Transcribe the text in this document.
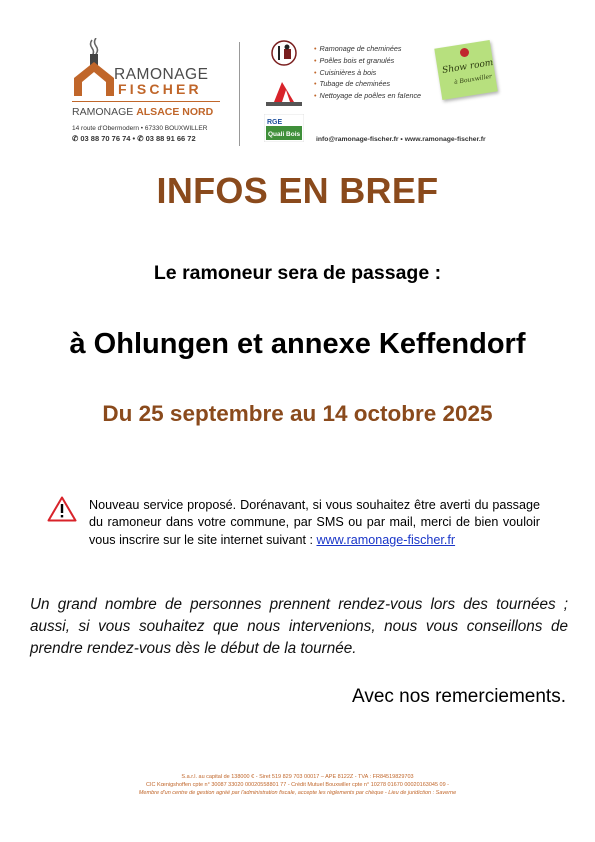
RAMONAGE
FISCHER
RAMONAGE ALSACE NORD
14 route d'Obermodern • 67330 BOUXWILLER
✆ 03 88 70 76 74 • ✆ 03 88 91 66 72
RGE
Quali Bois
• Ramonage de cheminées
• Poêles bois et granulés
• Cuisinières à bois
• Tubage de cheminées
• Nettoyage de poêles en faïence
info@ramonage-fischer.fr • www.ramonage-fischer.fr
Show room
à Bouxwiller
INFOS EN BREF
Le ramoneur sera de passage :
à Ohlungen et annexe Keffendorf
Du 25 septembre au 14 octobre 2025
Nouveau service proposé. Dorénavant, si vous souhaitez être averti du passage du ramoneur dans votre commune, par SMS ou par mail, merci de bien vouloir vous inscrire sur le site internet suivant : www.ramonage-fischer.fr
Un grand nombre de personnes prennent rendez-vous lors des tournées ; aussi, si vous souhaitez que nous intervenions, nous vous conseillons de prendre rendez-vous dès le début de la tournée.
Avec nos remerciements.
S.a.r.l. au capital de 138000 € - Siret 519 829 703 00017 – APE 8122Z - TVA : FR84519829703
CIC Kœnigshoffen cpte n° 30087 33020 00020558801 77 - Crédit Mutuel Bouxwiller cpte n° 10278 01670 00020163045 09 -
Membre d'un centre de gestion agréé par l'administration fiscale, accepte les règlements par chèque - Lieu de juridiction : Saverne
